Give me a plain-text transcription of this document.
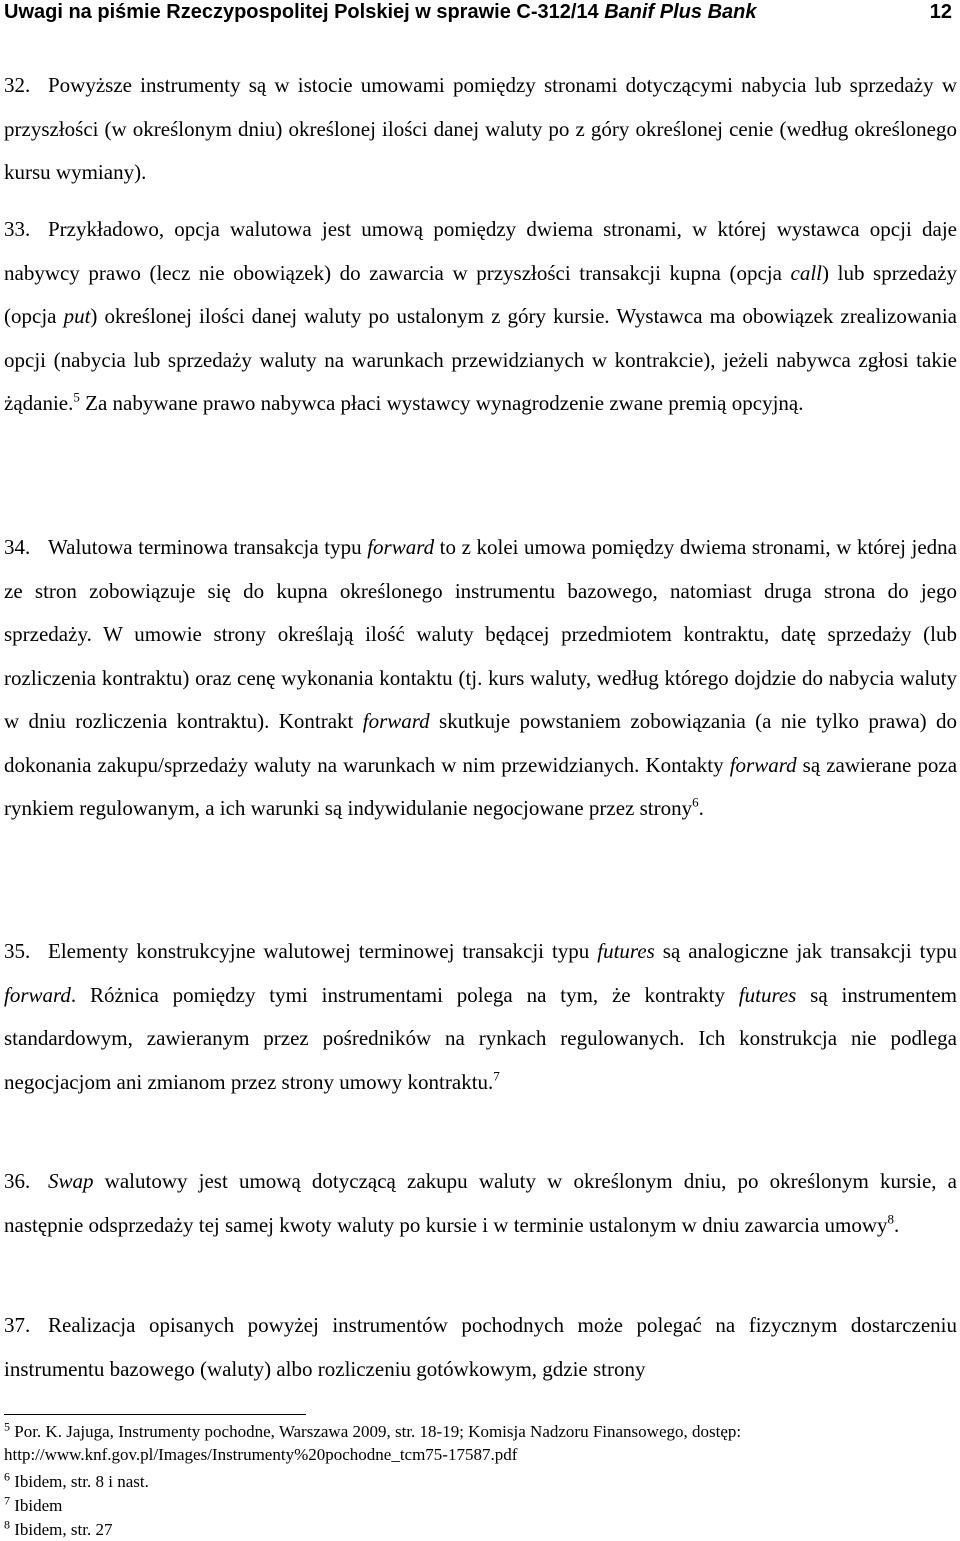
Uwagi na piśmie Rzeczypospolitej Polskiej w sprawie C-312/14 Banif Plus Bank	12
32. Powyższe instrumenty są w istocie umowami pomiędzy stronami dotyczącymi nabycia lub sprzedaży w przyszłości (w określonym dniu) określonej ilości danej waluty po z góry określonej cenie (według określonego kursu wymiany).
33. Przykładowo, opcja walutowa jest umową pomiędzy dwiema stronami, w której wystawca opcji daje nabywcy prawo (lecz nie obowiązek) do zawarcia w przyszłości transakcji kupna (opcja call) lub sprzedaży (opcja put) określonej ilości danej waluty po ustalonym z góry kursie. Wystawca ma obowiązek zrealizowania opcji (nabycia lub sprzedaży waluty na warunkach przewidzianych w kontrakcie), jeżeli nabywca zgłosi takie żądanie.$^5$ Za nabywane prawo nabywca płaci wystawcy wynagrodzenie zwane premią opcyjną.
34. Walutowa terminowa transakcja typu forward to z kolei umowa pomiędzy dwiema stronami, w której jedna ze stron zobowiązuje się do kupna określonego instrumentu bazowego, natomiast druga strona do jego sprzedaży. W umowie strony określają ilość waluty będącej przedmiotem kontraktu, datę sprzedaży (lub rozliczenia kontraktu) oraz cenę wykonania kontaktu (tj. kurs waluty, według którego dojdzie do nabycia waluty w dniu rozliczenia kontraktu). Kontrakt forward skutkuje powstaniem zobowiązania (a nie tylko prawa) do dokonania zakupu/sprzedaży waluty na warunkach w nim przewidzianych. Kontakty forward są zawierane poza rynkiem regulowanym, a ich warunki są indywidulanie negocjowane przez strony$^6$.
35. Elementy konstrukcyjne walutowej terminowej transakcji typu futures są analogiczne jak transakcji typu forward. Różnica pomiędzy tymi instrumentami polega na tym, że kontrakty futures są instrumentem standardowym, zawieranym przez pośredników na rynkach regulowanych. Ich konstrukcja nie podlega negocjacjom ani zmianom przez strony umowy kontraktu.$^7$
36. Swap walutowy jest umową dotyczącą zakupu waluty w określonym dniu, po określonym kursie, a następnie odsprzedaży tej samej kwoty waluty po kursie i w terminie ustalonym w dniu zawarcia umowy$^8$.
37. Realizacja opisanych powyżej instrumentów pochodnych może polegać na fizycznym dostarczeniu instrumentu bazowego (waluty) albo rozliczeniu gotówkowym, gdzie strony
$^5$ Por. K. Jajuga, Instrumenty pochodne, Warszawa 2009, str. 18-19; Komisja Nadzoru Finansowego, dostęp: http://www.knf.gov.pl/Images/Instrumenty%20pochodne_tcm75-17587.pdf
$^6$ Ibidem, str. 8 i nast.
$^7$ Ibidem
$^8$ Ibidem, str. 27
